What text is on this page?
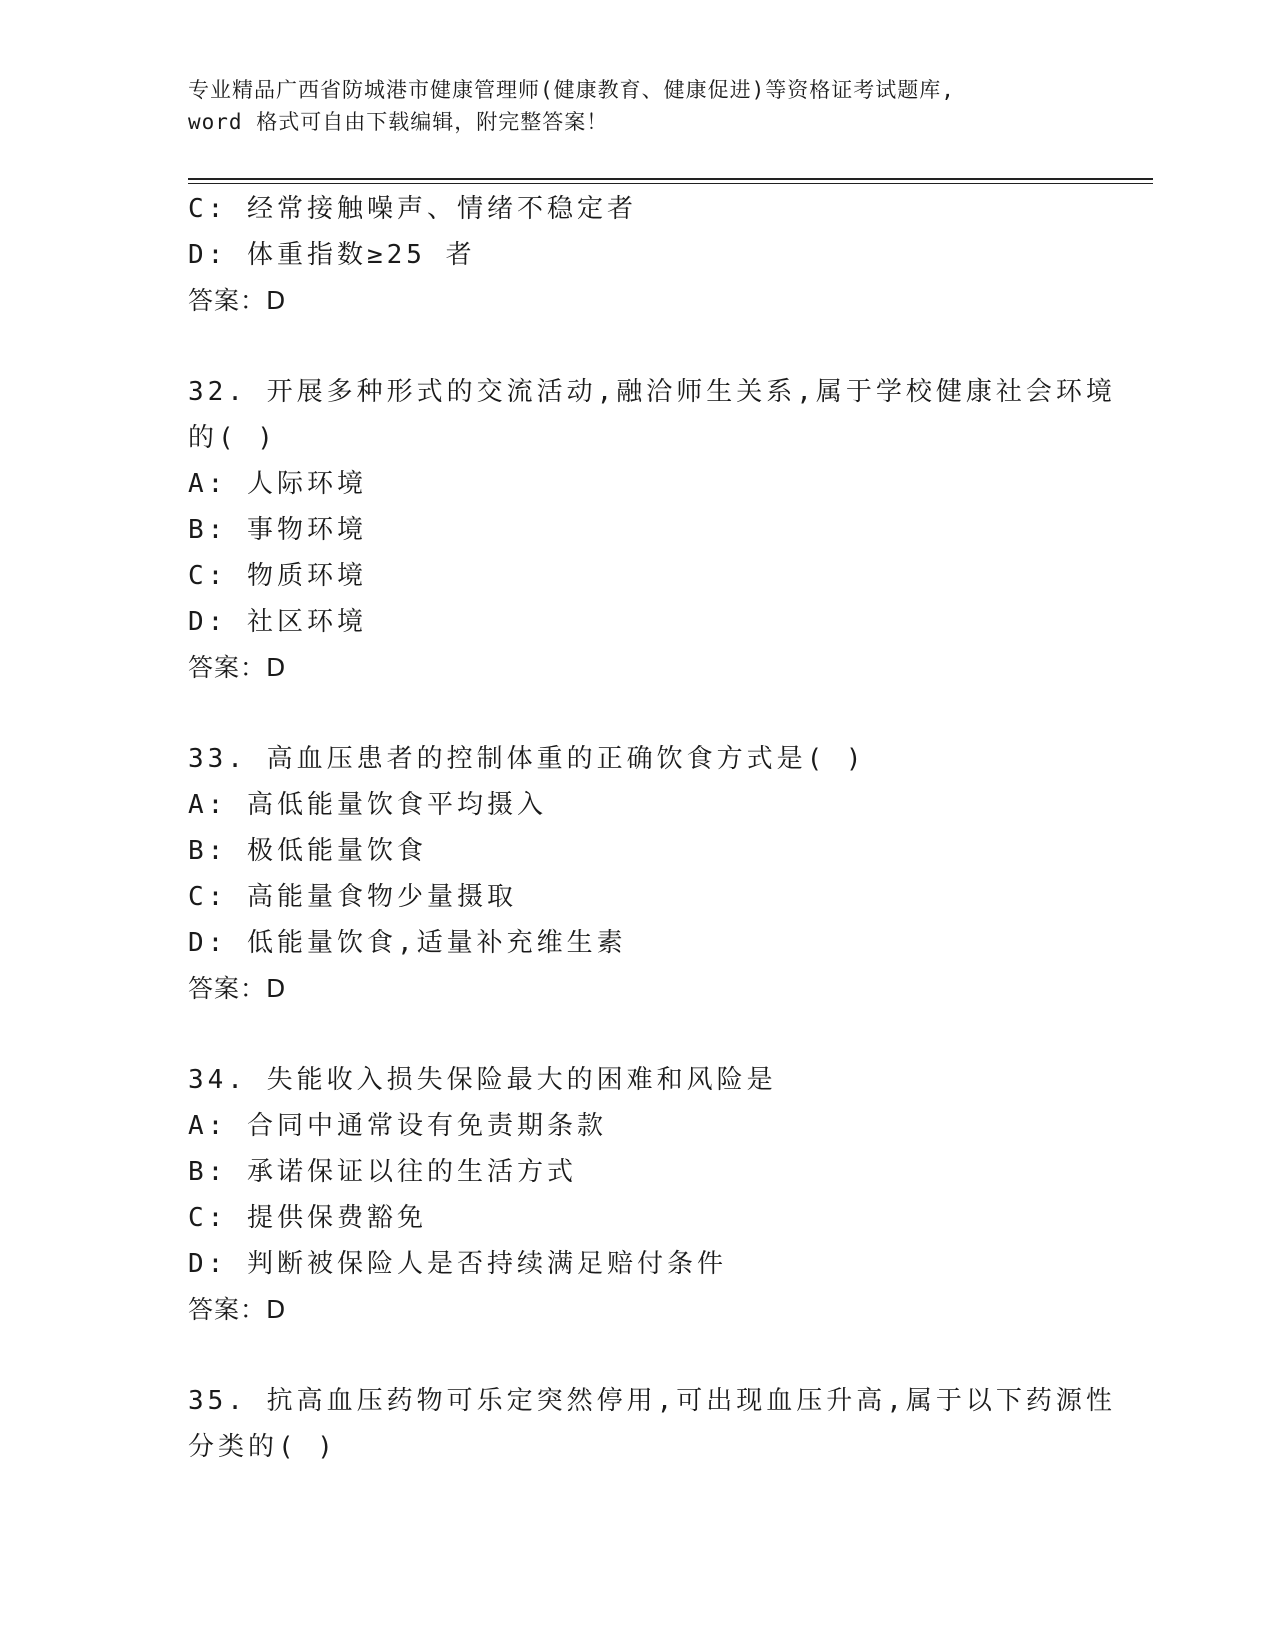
专业精品广西省防城港市健康管理师(健康教育、健康促进)等资格证考试题库,
word 格式可自由下载编辑，附完整答案！
C: 经常接触噪声、情绪不稳定者
D: 体重指数≥25 者
答案：D
32. 开展多种形式的交流活动,融洽师生关系,属于学校健康社会环境
的( )
A: 人际环境
B: 事物环境
C: 物质环境
D: 社区环境
答案：D
33. 高血压患者的控制体重的正确饮食方式是( )
A: 高低能量饮食平均摄入
B: 极低能量饮食
C: 高能量食物少量摄取
D: 低能量饮食,适量补充维生素
答案：D
34. 失能收入损失保险最大的困难和风险是
A: 合同中通常设有免责期条款
B: 承诺保证以往的生活方式
C: 提供保费豁免
D: 判断被保险人是否持续满足赔付条件
答案：D
35. 抗高血压药物可乐定突然停用,可出现血压升高,属于以下药源性
分类的( )
